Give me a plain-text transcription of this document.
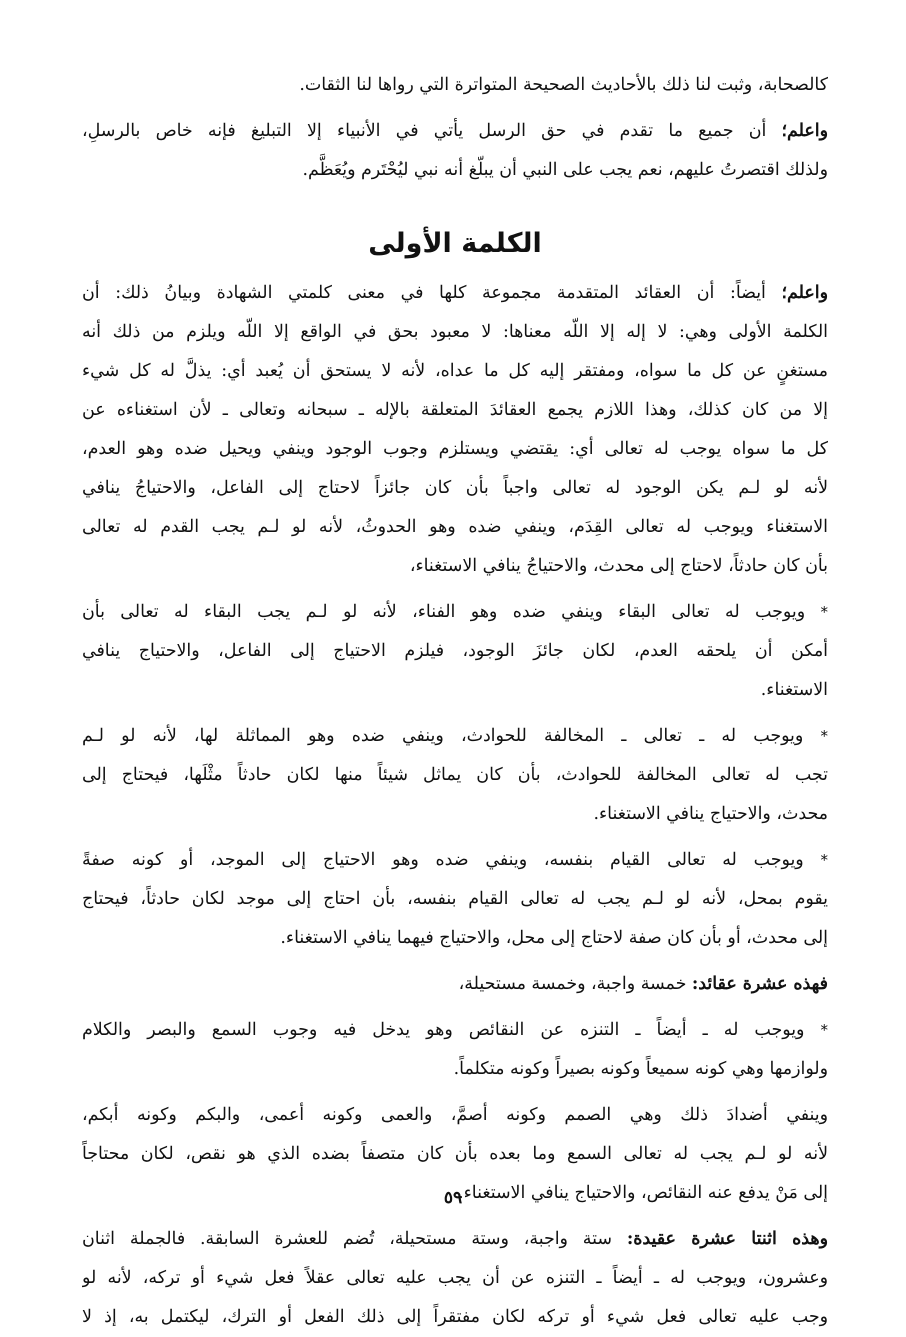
كالصحابة، وثبت لنا ذلك بالأحاديث الصحيحة المتواترة التي رواها لنا الثقات.
واعلم؛ أن جميع ما تقدم في حق الرسل يأتي في الأنبياء إلا التبليغ فإنه خاص بالرسلِ،
ولذلك اقتصرتُ عليهم، نعم يجب على النبي أن يبلّغ أنه نبي ليُحْتَرم ويُعَظَّم.
الكلمة الأولى
واعلم؛ أيضاً: أن العقائد المتقدمة مجموعة كلها في معنى كلمتي الشهادة وبيانُ ذلك: أن
الكلمة الأولى وهي: لا إله إلا اللّه معناها: لا معبود بحق في الواقع إلا اللّه ويلزم من ذلك أنه
مستغنٍ عن كل ما سواه، ومفتقر إليه كل ما عداه، لأنه لا يستحق أن يُعبد أي: يذلَّ له كل شيء
إلا من كان كذلك، وهذا اللازم يجمع العقائدَ المتعلقة بالإله ـ سبحانه وتعالى ـ لأن استغناءه عن
كل ما سواه يوجب له تعالى أي: يقتضي ويستلزم وجوب الوجود وينفي ويحيل ضده وهو العدم،
لأنه لو لـم يكن الوجود له تعالى واجباً بأن كان جائزاً لاحتاج إلى الفاعل، والاحتياجُ ينافي
الاستغناء ويوجب له تعالى القِدَم، وينفي ضده وهو الحدوثُ، لأنه لو لـم يجب القدم له تعالى
بأن كان حادثاً، لاحتاج إلى محدث، والاحتياجُ ينافي الاستغناء،
* ويوجب له تعالى البقاء وينفي ضده وهو الفناء، لأنه لو لـم يجب البقاء له تعالى بأن
أمكن أن يلحقه العدم، لكان جائزَ الوجود، فيلزم الاحتياج إلى الفاعل، والاحتياج ينافي
الاستغناء.
* ويوجب له ـ تعالى ـ المخالفة للحوادث، وينفي ضده وهو المماثلة لها، لأنه لو لـم
تجب له تعالى المخالفة للحوادث، بأن كان يماثل شيئاً منها لكان حادثاً مثْلَها، فيحتاج إلى
محدث، والاحتياج ينافي الاستغناء.
* ويوجب له تعالى القيام بنفسه، وينفي ضده وهو الاحتياج إلى الموجد، أو كونه صفةً
يقوم بمحل، لأنه لو لـم يجب له تعالى القيام بنفسه، بأن احتاج إلى موجد لكان حادثاً، فيحتاج
إلى محدث، أو بأن كان صفة لاحتاج إلى محل، والاحتياج فيهما ينافي الاستغناء.
فهذه عشرة عقائد: خمسة واجبة، وخمسة مستحيلة،
* ويوجب له ـ أيضاً ـ التنزه عن النقائص وهو يدخل فيه وجوب السمع والبصر والكلام
ولوازمها وهي كونه سميعاً وكونه بصيراً وكونه متكلماً.
وينفي أضدادَ ذلك وهي الصمم وكونه أصمَّ، والعمى وكونه أعمى، والبكم وكونه أبكم،
لأنه لو لـم يجب له تعالى السمع وما بعده بأن كان متصفاً بضده الذي هو نقص، لكان محتاجاً
إلى مَنْ يدفع عنه النقائص، والاحتياج ينافي الاستغناء.
وهذه اثنتا عشرة عقيدة: ستة واجبة، وستة مستحيلة، تُضم للعشرة السابقة. فالجملة اثنان
وعشرون، ويوجب له ـ أيضاً ـ التنزه عن أن يجب عليه تعالى عقلاً فعل شيء أو تركه، لأنه لو
وجب عليه تعالى فعل شيء أو تركه لكان مفتقراً إلى ذلك الفعل أو الترك، ليكتمل به، إذ لا
٥٩
